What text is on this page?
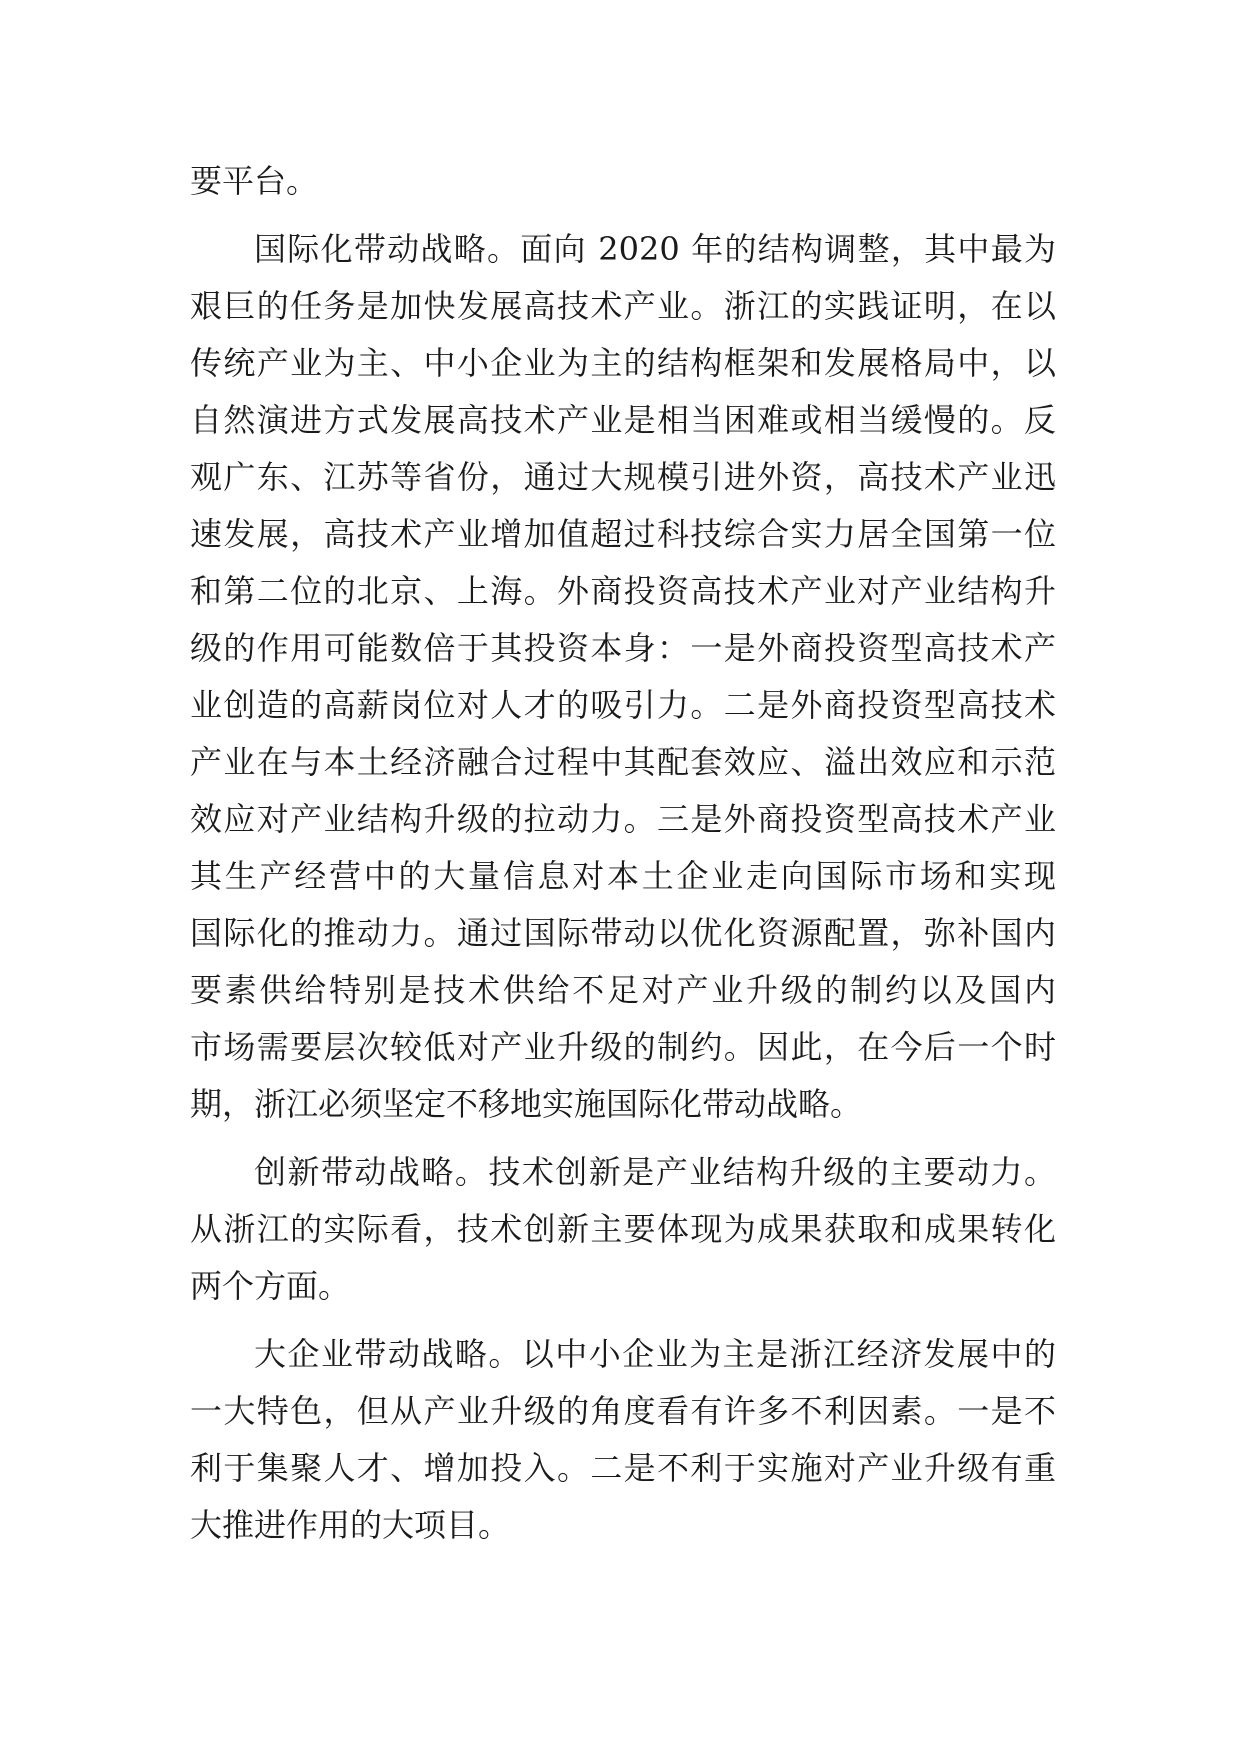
要平台。
国际化带动战略。面向 2020 年的结构调整，其中最为
艰巨的任务是加快发展高技术产业。浙江的实践证明，在以
传统产业为主、中小企业为主的结构框架和发展格局中，以
自然演进方式发展高技术产业是相当困难或相当缓慢的。反
观广东、江苏等省份，通过大规模引进外资，高技术产业迅
速发展，高技术产业增加值超过科技综合实力居全国第一位
和第二位的北京、上海。外商投资高技术产业对产业结构升
级的作用可能数倍于其投资本身：一是外商投资型高技术产
业创造的高薪岗位对人才的吸引力。二是外商投资型高技术
产业在与本土经济融合过程中其配套效应、溢出效应和示范
效应对产业结构升级的拉动力。三是外商投资型高技术产业
其生产经营中的大量信息对本土企业走向国际市场和实现
国际化的推动力。通过国际带动以优化资源配置，弥补国内
要素供给特别是技术供给不足对产业升级的制约以及国内
市场需要层次较低对产业升级的制约。因此，在今后一个时
期，浙江必须坚定不移地实施国际化带动战略。
创新带动战略。技术创新是产业结构升级的主要动力。
从浙江的实际看，技术创新主要体现为成果获取和成果转化
两个方面。
大企业带动战略。以中小企业为主是浙江经济发展中的
一大特色，但从产业升级的角度看有许多不利因素。一是不
利于集聚人才、增加投入。二是不利于实施对产业升级有重
大推进作用的大项目。
